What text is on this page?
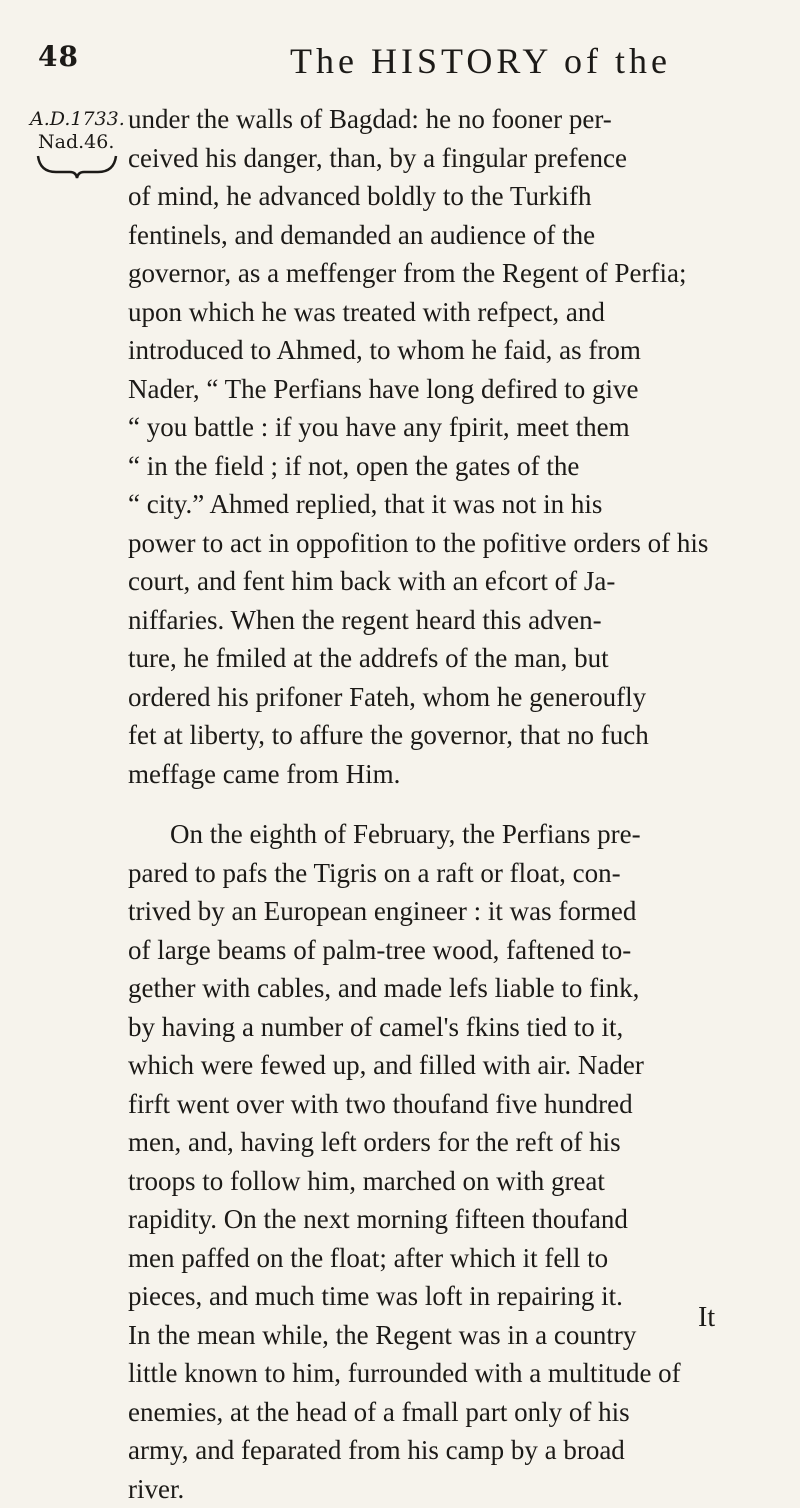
48	The HISTORY of the
A.D.1733.
Nad.46.
under the walls of Bagdad: he no fooner per-
ceived his danger, than, by a fingular prefence
of mind, he advanced boldly to the Turkifh
fentinels, and demanded an audience of the
governor, as a meffenger from the Regent of Perfia;
upon which he was treated with refpect, and
introduced to Ahmed, to whom he faid, as from
Nader, “ The Perfians have long defired to give
“ you battle : if you have any fpirit, meet them
“ in the field ; if not, open the gates of the
“ city.” Ahmed replied, that it was not in his
power to act in oppofition to the pofitive orders of his
court, and fent him back with an efcort of Ja-
niffaries. When the regent heard this adven-
ture, he fmiled at the addrefs of the man, but
ordered his prifoner Fateh, whom he generoufly
fet at liberty, to affure the governor, that no fuch
meffage came from Him.
On the eighth of February, the Perfians pre-
pared to pafs the Tigris on a raft or float, con-
trived by an European engineer : it was formed
of large beams of palm-tree wood, faftened to-
gether with cables, and made lefs liable to fink,
by having a number of camel's fkins tied to it,
which were fewed up, and filled with air. Nader
firft went over with two thoufand five hundred
men, and, having left orders for the reft of his
troops to follow him, marched on with great
rapidity. On the next morning fifteen thoufand
men paffed on the float; after which it fell to
pieces, and much time was loft in repairing it.
In the mean while, the Regent was in a country
little known to him, furrounded with a multitude of
enemies, at the head of a fmall part only of his
army, and feparated from his camp by a broad
river.
It
